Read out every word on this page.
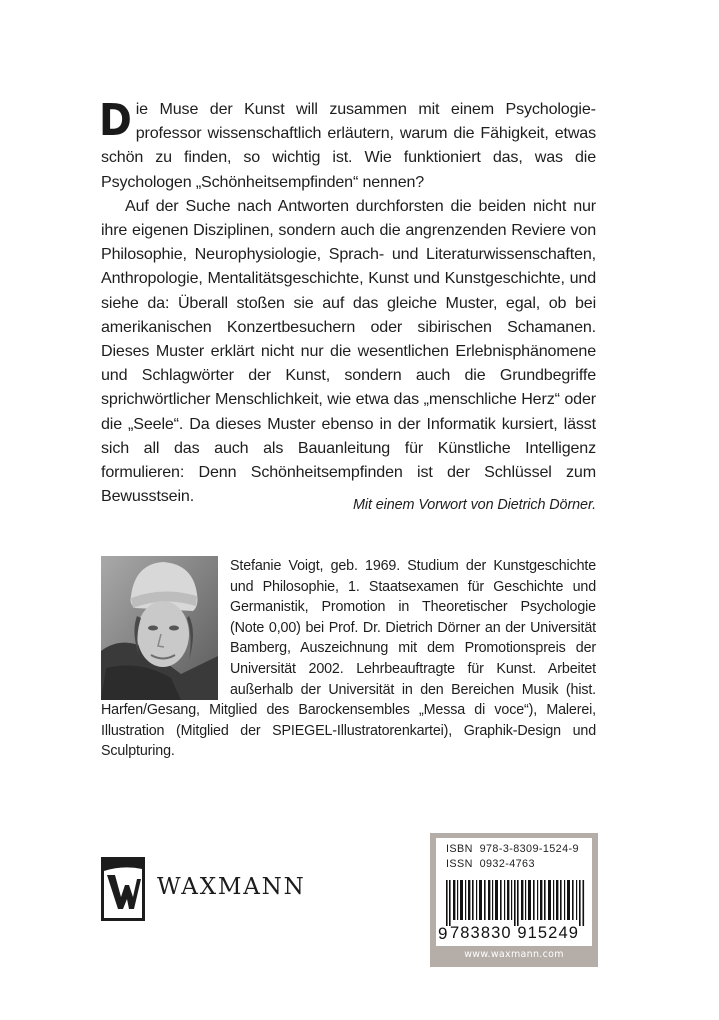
Die Muse der Kunst will zusammen mit einem Psychologieprofessor wissenschaftlich erläutern, warum die Fähigkeit, etwas schön zu finden, so wichtig ist. Wie funktioniert das, was die Psychologen „Schönheitsempfinden“ nennen?

Auf der Suche nach Antworten durchforsten die beiden nicht nur ihre eigenen Disziplinen, sondern auch die angrenzenden Reviere von Philosophie, Neurophysiologie, Sprach- und Literaturwissenschaften, Anthropologie, Mentalitätsgeschichte, Kunst und Kunstgeschichte, und siehe da: Überall stoßen sie auf das gleiche Muster, egal, ob bei amerikanischen Konzertbesuchern oder sibirischen Schamanen. Dieses Muster erklärt nicht nur die wesentlichen Erlebnisphänomene und Schlagwörter der Kunst, sondern auch die Grundbegriffe sprichwörtlicher Menschlichkeit, wie etwa das „menschliche Herz“ oder die „Seele“. Da dieses Muster ebenso in der Informatik kursiert, lässt sich all das auch als Bauanleitung für Künstliche Intelligenz formulieren: Denn Schönheitsempfinden ist der Schlüssel zum Bewusstsein.	Mit einem Vorwort von Dietrich Dörner.
Stefanie Voigt, geb. 1969. Studium der Kunstgeschichte und Philosophie, 1. Staatsexamen für Geschichte und Germanistik, Promotion in Theoretischer Psychologie (Note 0,00) bei Prof. Dr. Dietrich Dörner an der Universität Bamberg, Auszeichnung mit dem Promotionspreis der Universität 2002. Lehrbeauftragte für Kunst. Arbeitet außerhalb der Universität in den Bereichen Musik (hist. Harfen/Gesang, Mitglied des Barockensembles „Messa di voce“), Malerei, Illustration (Mitglied der SPIEGEL-Illustratorenkartei), Graphik-Design und Sculpturing.
WAXMANN
ISBN 978-3-8309-1524-9
ISSN 0932-4763
9 783830 915249
www.waxmann.com
